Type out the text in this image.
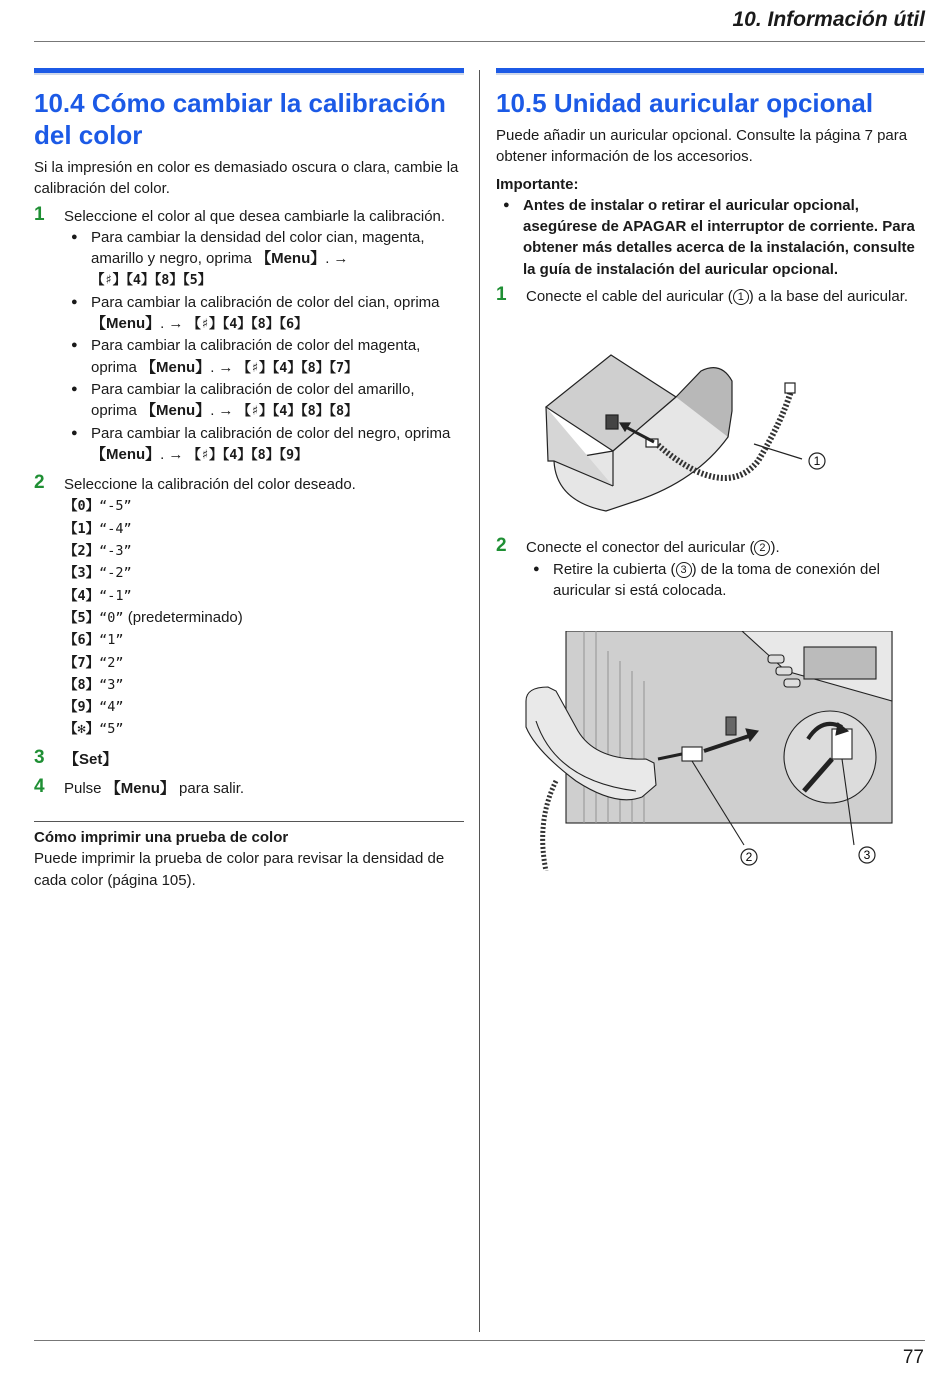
10. Información útil
10.4 Cómo cambiar la calibración del color

Si la impresión en color es demasiado oscura o clara, cambie la calibración del color.

1 Seleccione el color al que desea cambiarle la calibración.
● Para cambiar la densidad del color cian, magenta, amarillo y negro, oprima 【Menu】. →【♯】【4】【8】【5】
● Para cambiar la calibración de color del cian, oprima 【Menu】. → 【♯】【4】【8】【6】
● Para cambiar la calibración de color del magenta, oprima 【Menu】. → 【♯】【4】【8】【7】
● Para cambiar la calibración de color del amarillo, oprima 【Menu】. → 【♯】【4】【8】【8】
● Para cambiar la calibración de color del negro, oprima 【Menu】. → 【♯】【4】【8】【9】
2 Seleccione la calibración del color deseado.
【0】“-5”
【1】“-4”
【2】“-3”
【3】“-2”
【4】“-1”
【5】“0” (predeterminado)
【6】“1”
【7】“2”
【8】“3”
【9】“4”
【✻】“5”
3 【Set】
4 Pulse 【Menu】 para salir.
Cómo imprimir una prueba de color

Puede imprimir la prueba de color para revisar la densidad de cada color (página 105).

10.5 Unidad auricular opcional

Puede añadir un auricular opcional. Consulte la página 7 para obtener información de los accesorios.

Importante:
● Antes de instalar o retirar el auricular opcional, asegúrese de APAGAR el interruptor de corriente. Para obtener más detalles acerca de la instalación, consulte la guía de instalación del auricular opcional.
1 Conecte el cable del auricular ( 1 ) a la base del auricular.
1
2 Conecte el conector del auricular ( 2 ).
● Retire la cubierta ( 3 ) de la toma de conexión del auricular si está colocada.
2	3
77
